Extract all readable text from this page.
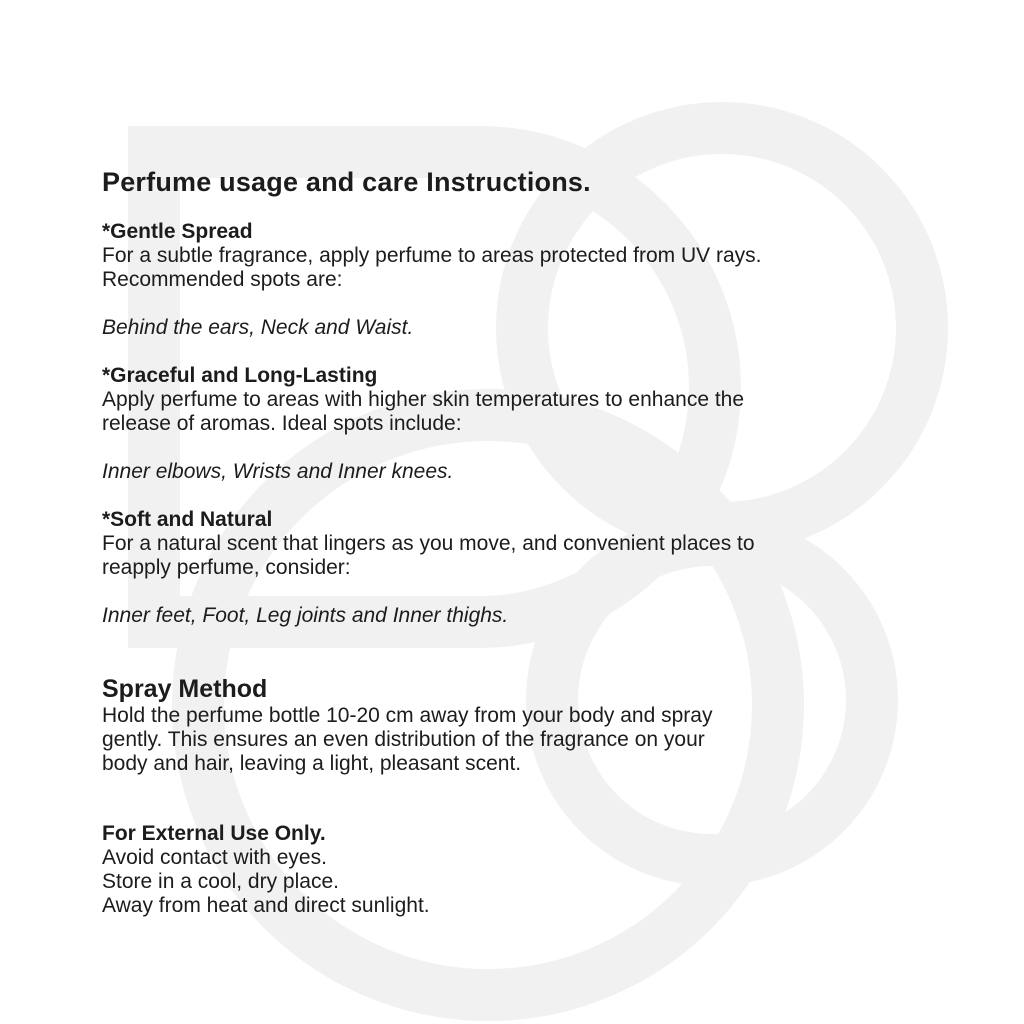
Perfume usage and care Instructions.
*Gentle Spread
For a subtle fragrance, apply perfume to areas protected from UV rays.
Recommended spots are:
Behind the ears, Neck and Waist.
*Graceful and Long-Lasting
Apply perfume to areas with higher skin temperatures to enhance the
release of aromas. Ideal spots include:
Inner elbows, Wrists and Inner knees.
*Soft and Natural
For a natural scent that lingers as you move, and convenient places to
reapply perfume, consider:
Inner feet, Foot, Leg joints and Inner thighs.
Spray Method
Hold the perfume bottle 10-20 cm away from your body and spray
gently. This ensures an even distribution of the fragrance on your
body and hair, leaving a light, pleasant scent.
For External Use Only.
Avoid contact with eyes.
Store in a cool, dry place.
Away from heat and direct sunlight.
